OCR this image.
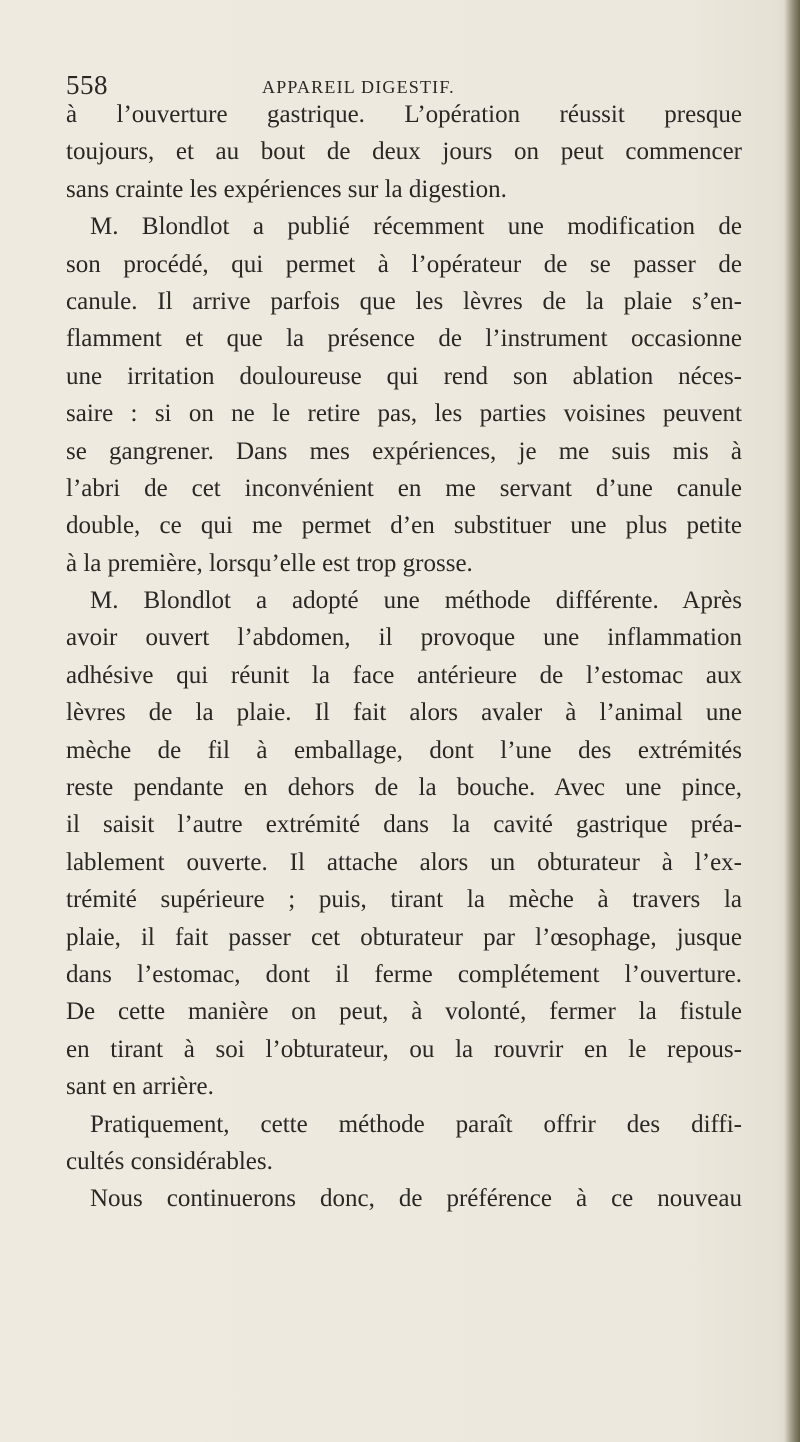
558	APPAREIL DIGESTIF.
à l’ouverture gastrique. L’opération réussit presque
toujours, et au bout de deux jours on peut commencer
sans crainte les expériences sur la digestion.
M. Blondlot a publié récemment une modification de
son procédé, qui permet à l’opérateur de se passer de
canule. Il arrive parfois que les lèvres de la plaie s’en-
flamment et que la présence de l’instrument occasionne
une irritation douloureuse qui rend son ablation néces-
saire : si on ne le retire pas, les parties voisines peuvent
se gangrener. Dans mes expériences, je me suis mis à
l’abri de cet inconvénient en me servant d’une canule
double, ce qui me permet d’en substituer une plus petite
à la première, lorsqu’elle est trop grosse.
M. Blondlot a adopté une méthode différente. Après
avoir ouvert l’abdomen, il provoque une inflammation
adhésive qui réunit la face antérieure de l’estomac aux
lèvres de la plaie. Il fait alors avaler à l’animal une
mèche de fil à emballage, dont l’une des extrémités
reste pendante en dehors de la bouche. Avec une pince,
il saisit l’autre extrémité dans la cavité gastrique préa-
lablement ouverte. Il attache alors un obturateur à l’ex-
trémité supérieure ; puis, tirant la mèche à travers la
plaie, il fait passer cet obturateur par l’œsophage, jusque
dans l’estomac, dont il ferme complétement l’ouverture.
De cette manière on peut, à volonté, fermer la fistule
en tirant à soi l’obturateur, ou la rouvrir en le repous-
sant en arrière.
Pratiquement, cette méthode paraît offrir des diffi-
cultés considérables.
Nous continuerons donc, de préférence à ce nouveau
